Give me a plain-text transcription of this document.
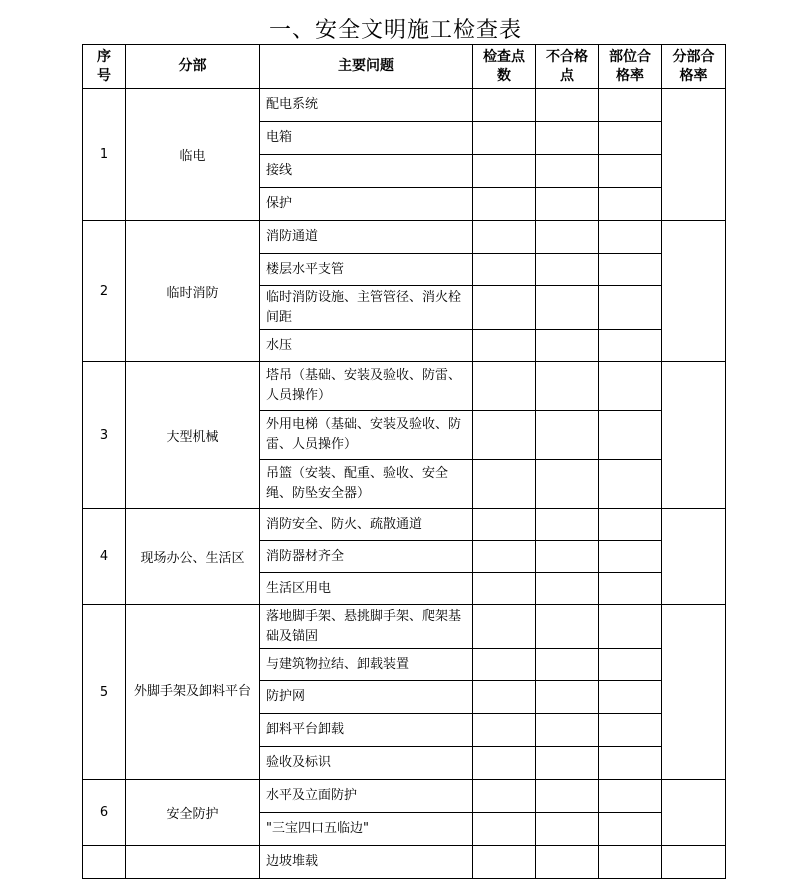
一、安全文明施工检查表
序号	分部	主要问题	检查点数	不合格点	部位合格率	分部合格率
1	临电	配电系统				
		电箱				
		接线				
		保护				
2	临时消防	消防通道				
		楼层水平支管				
		临时消防设施、主管管径、消火栓间距				
		水压				
3	大型机械	塔吊（基础、安装及验收、防雷、人员操作）				
		外用电梯（基础、安装及验收、防雷、人员操作）				
		吊篮（安装、配重、验收、安全绳、防坠安全器）				
4	现场办公、生活区	消防安全、防火、疏散通道				
		消防器材齐全				
		生活区用电				
5	外脚手架及卸料平台	落地脚手架、悬挑脚手架、爬架基础及锚固				
		与建筑物拉结、卸载装置				
		防护网				
		卸料平台卸载				
		验收及标识				
6	安全防护	水平及立面防护				
		"三宝四口五临边"				
		边坡堆载				
